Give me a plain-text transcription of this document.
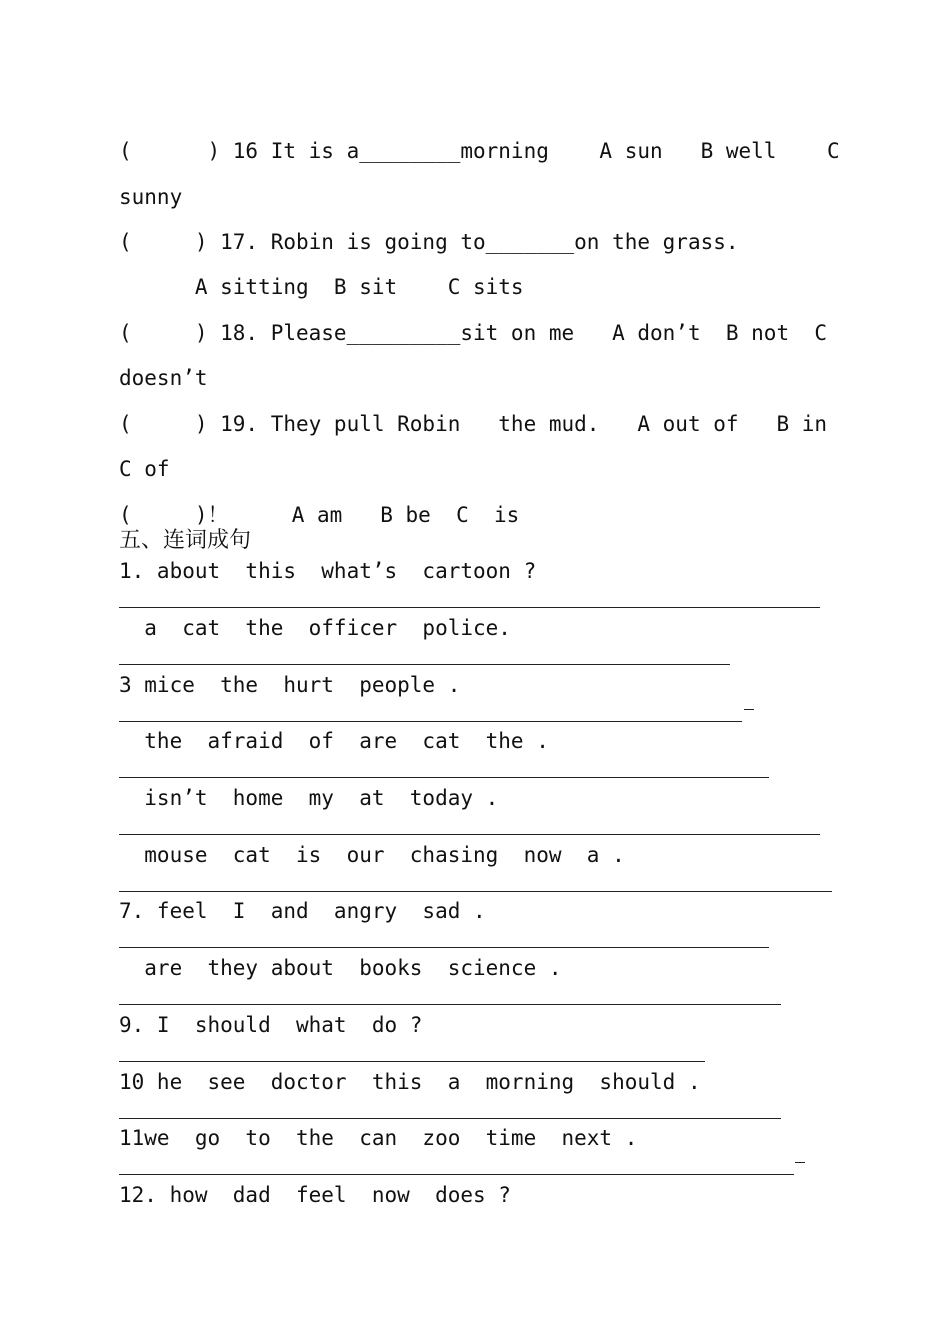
(      ) 16 It is a________morning    A sun   B well    C
sunny
(     ) 17. Robin is going to_______on the grass.
A sitting  B sit    C sits
(     ) 18. Please_________sit on me   A don’t  B not  C
doesn’t
(     ) 19. They pull Robin   the mud.   A out of   B in
C of
(     )！     A am   B be  C  is
五、连词成句
1. about  this  what’s  cartoon ?
a  cat  the  officer  police.
3 mice  the  hurt  people .
the  afraid  of  are  cat  the .
isn’t  home  my  at  today .
mouse  cat  is  our  chasing  now  a .
7. feel  I  and  angry  sad .
are  they about  books  science .
9. I  should  what  do ?
10 he  see  doctor  this  a  morning  should .
11we  go  to  the  can  zoo  time  next .
12. how  dad  feel  now  does ?
